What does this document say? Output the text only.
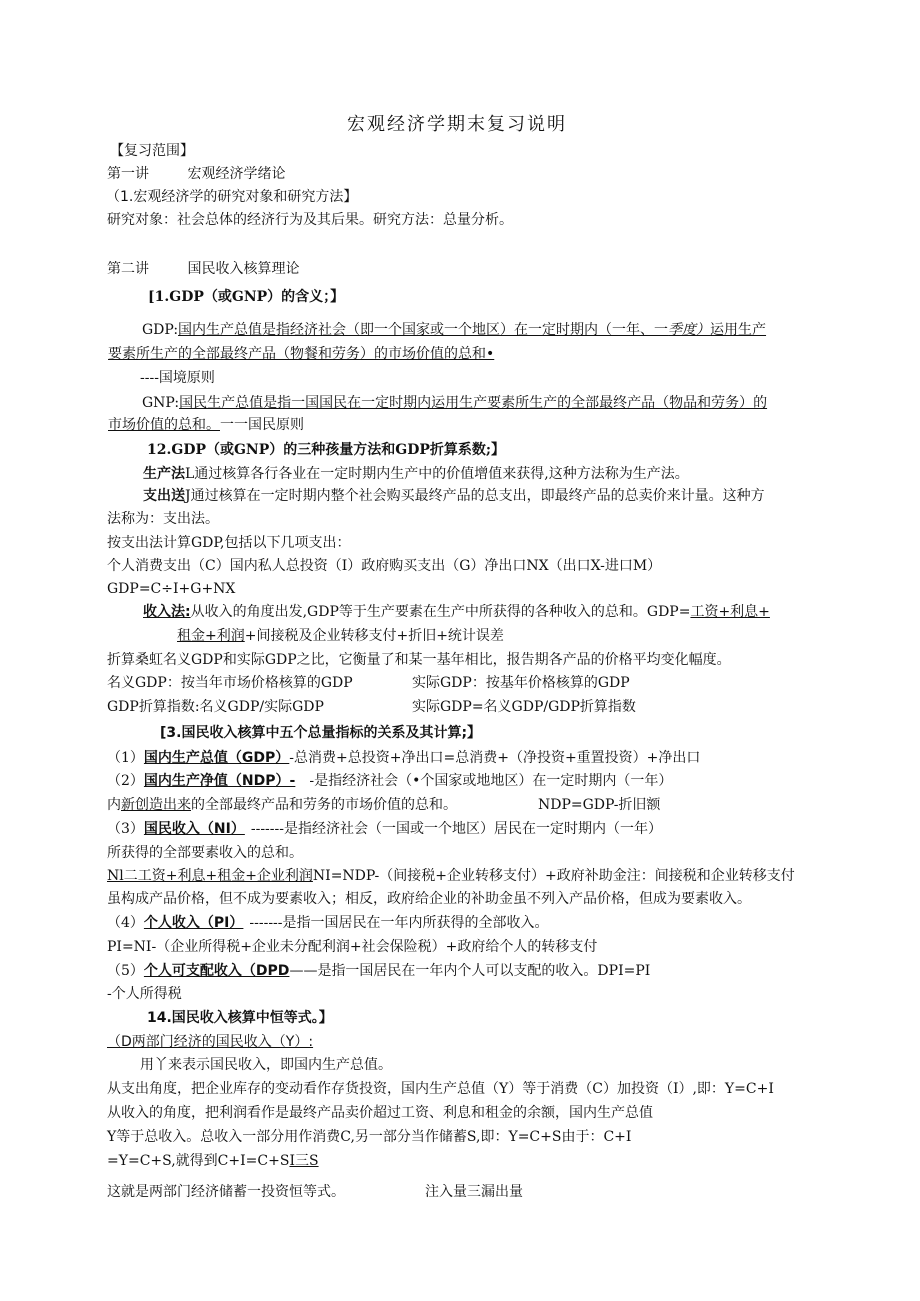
宏观经济学期末复习说明
【复习范围】
第一讲	宏观经济学绪论
（1.宏观经济学的研究对象和研究方法】
研究对象：社会总体的经济行为及其后果。研究方法：总量分析。
第二讲	国民收入核算理论
[1.GDP（或GNP）的含义；】
GDP:国内生产总值是指经济社会（即一个国家或一个地区）在一定时期内（一年、一季度）运用生产
要素所生产的全部最终产品（物餐和劳务）的市场价值的总和•
----国境原则
GNP:国民生产总值是指一国国民在一定时期内运用生产要素所生产的全部最终产品（物品和劳务）的
市场价值的总和。一一国民原则
12.GDP（或GNP）的三种孩量方法和GDP折算系数;】
生产法L通过核算各行各业在一定时期内生产中的价值增值来获得,这种方法称为生产法。
支出送J通过核算在一定时期内整个社会购买最终产品的总支出，即最终产品的总卖价来计量。这种方
法称为：支出法。
按支出法计算GDP,包括以下几项支出：
个人消费支出（C）国内私人总投资（I）政府购买支出（G）净出口NX（出口X-进口M）
GDP=C÷I+G+NX
收入法:从收入的角度出发,GDP等于生产要素在生产中所获得的各种收入的总和。GDP=工资+利息+
租金+利润+间接税及企业转移支付+折旧+统计误差
折算桑虹名义GDP和实际GDP之比，它衡量了和某一基年相比，报告期各产品的价格平均变化幅度。
名义GDP：按当年市场价格核算的GDP	实际GDP：按基年价格核算的GDP
GDP折算指数:名义GDP/实际GDP	实际GDP=名义GDP/GDP折算指数
[3.国民收入核算中五个总量指标的关系及其计算;】
（1）国内生产总值（GDP）-总消费+总投资+净出口=总消费+（净投资+重置投资）+净出口
（2）国内生产净值（NDP）- -是指经济社会（•个国家或地地区）在一定时期内（一年）
内新创造出来的全部最终产品和劳务的市场价值的总和。	NDP=GDP-折旧额
（3）国民收入（NI） -------是指经济社会（一国或一个地区）居民在一定时期内（一年）
所获得的全部要素收入的总和。
Nl二工资+利息+租金+企业利润NI=NDP-（间接税+企业转移支付）+政府补助金注：间接税和企业转移支付
虽构成产品价格，但不成为要素收入；相反，政府给企业的补助金虽不列入产品价格，但成为要素收入。
（4）个人收入（PI） -------是指一国居民在一年内所获得的全部收入。
PI=NI-（企业所得税+企业未分配利润+社会保险税）+政府给个人的转移支付
（5）个人可支配收入（DPD——是指一国居民在一年内个人可以支配的收入。DPI=PI
-个人所得税
14.国民收入核算中恒等式。】
（D两部门经济的国民收入（Y）:
用丫来表示国民收入，即国内生产总值。
从支出角度，把企业库存的变动看作存货投资，国内生产总值（Y）等于消费（C）加投资（I）,即：Y=C+I
从收入的角度，把利润看作是最终产品卖价超过工资、利息和租金的余额，国内生产总值
Y等于总收入。总收入一部分用作消费C,另一部分当作储蓄S,即：Y=C+S由于：C+I
=Y=C+S,就得到C+I=C+SI三S
这就是两部门经济储蓄一投资恒等式。	注入量三漏出量
